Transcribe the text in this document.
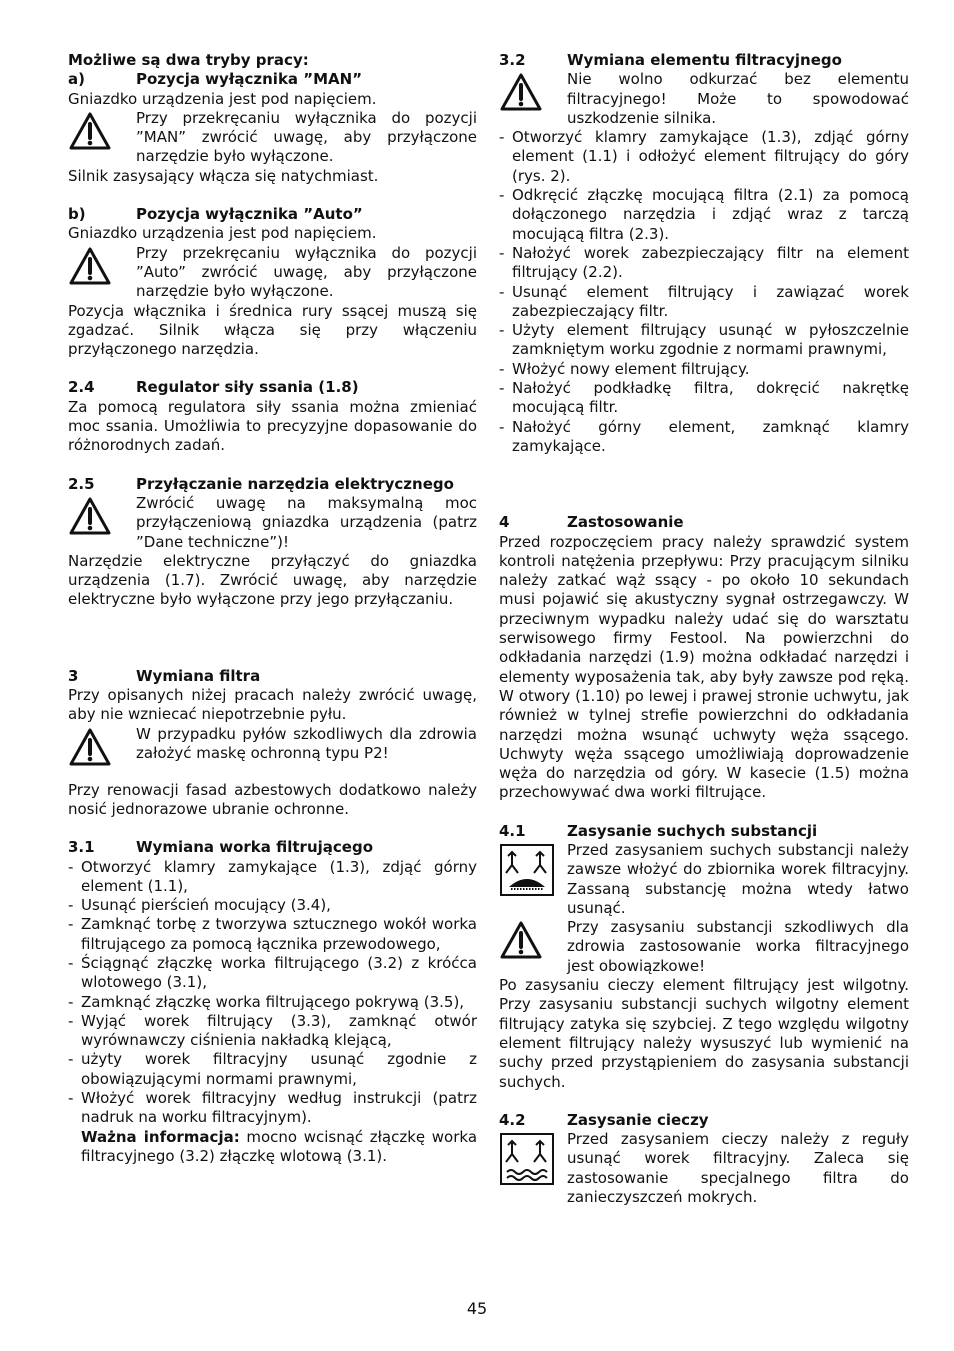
Możliwe są dwa tryby pracy:

a)	Pozycja wyłącznika ”MAN”

Gniazdko urządzenia jest pod napięciem.

Przy przekręcaniu wyłącznika do pozycji ”MAN” zwrócić uwagę, aby przyłączone narzędzie było wyłączone.

Silnik zasysający włącza się natychmiast.

b)	Pozycja wyłącznika ”Auto”

Gniazdko urządzenia jest pod napięciem.

Przy przekręcaniu wyłącznika do pozycji ”Auto” zwrócić uwagę, aby przyłączone narzędzie było wyłączone.

Pozycja włącznika i średnica rury ssącej muszą się zgadzać. Silnik włącza się przy włączeniu przyłączonego narzędzia.

2.4	Regulator siły ssania (1.8)

Za pomocą regulatora siły ssania można zmieniać moc ssania. Umożliwia to precyzyjne dopasowanie do różnorodnych zadań.

2.5	Przyłączanie narzędzia elektrycznego

Zwrócić uwagę na maksymalną moc przyłączeniową gniazdka urządzenia (patrz ”Dane techniczne”)!

Narzędzie elektryczne przyłączyć do gniazdka urządzenia (1.7). Zwrócić uwagę, aby narzędzie elektryczne było wyłączone przy jego przyłączaniu.

3	Wymiana filtra

Przy opisanych niżej pracach należy zwrócić uwagę, aby nie wzniecać niepotrzebnie pyłu.

W przypadku pyłów szkodliwych dla zdrowia założyć maskę ochronną typu P2!

Przy renowacji fasad azbestowych dodatkowo należy nosić jednorazowe ubranie ochronne.

3.1	Wymiana worka filtrującego

- Otworzyć klamry zamykające (1.3), zdjąć górny element (1.1),
- Usunąć pierścień mocujący (3.4),
- Zamknąć torbę z tworzywa sztucznego wokół worka filtrującego za pomocą łącznika przewodowego,
- Ściągnąć złączkę worka filtrującego (3.2) z króćca wlotowego (3.1),
- Zamknąć złączkę worka filtrującego pokrywą (3.5),
- Wyjąć worek filtrujący (3.3), zamknąć otwór wyrównawczy ciśnienia nakładką klejącą,
- użyty worek filtracyjny usunąć zgodnie z obowiązującymi normami prawnymi,
- Włożyć worek filtracyjny według instrukcji (patrz nadruk na worku filtracyjnym).

Ważna informacja: mocno wcisnąć złączkę worka filtracyjnego (3.2) złączkę wlotową (3.1).

3.2	Wymiana elementu filtracyjnego

Nie wolno odkurzać bez elementu filtracyjnego! Może to spowodować uszkodzenie silnika.
- Otworzyć klamry zamykające (1.3), zdjąć górny element (1.1) i odłożyć element filtrujący do góry (rys. 2).
- Odkręcić złączkę mocującą filtra (2.1) za pomocą dołączonego narzędzia i zdjąć wraz z tarczą mocującą filtra (2.3).
- Nałożyć worek zabezpieczający filtr na element filtrujący (2.2).
- Usunąć element filtrujący i zawiązać worek zabezpieczający filtr.
- Użyty element filtrujący usunąć w pyłoszczelnie zamkniętym worku zgodnie z normami prawnymi,
- Włożyć nowy element filtrujący.
- Nałożyć podkładkę filtra, dokręcić nakrętkę mocującą filtr.
- Nałożyć górny element, zamknąć klamry zamykające.

4	Zastosowanie

Przed rozpoczęciem pracy należy sprawdzić system kontroli natężenia przepływu: Przy pracującym silniku należy zatkać wąż ssący - po około 10 sekundach musi pojawić się akustyczny sygnał ostrzegawczy. W przeciwnym wypadku należy udać się do warsztatu serwisowego firmy Festool. Na powierzchni do odkładania narzędzi (1.9) można odkładać narzędzi i elementy wyposażenia tak, aby były zawsze pod ręką. W otwory (1.10) po lewej i prawej stronie uchwytu, jak również w tylnej strefie powierzchni do odkładania narzędzi można wsunąć uchwyty węża ssącego. Uchwyty węża ssącego umożliwiają doprowadzenie węża do narzędzia od góry. W kasecie (1.5) można przechowywać dwa worki filtrujące.

4.1	Zasysanie suchych substancji

Przed zasysaniem suchych substancji należy zawsze włożyć do zbiornika worek filtracyjny. Zassaną substancję można wtedy łatwo usunąć.
Przy zasysaniu substancji szkodliwych dla zdrowia zastosowanie worka filtracyjnego jest obowiązkowe!

Po zasysaniu cieczy element filtrujący jest wilgotny. Przy zasysaniu substancji suchych wilgotny element filtrujący zatyka się szybciej. Z tego względu wilgotny element filtrujący należy wysuszyć lub wymienić na suchy przed przystąpieniem do zasysania substancji suchych.

4.2	Zasysanie cieczy

Przed zasysaniem cieczy należy z reguły usunąć worek filtracyjny. Zaleca się zastosowanie specjalnego filtra do zanieczyszczeń mokrych.
45
